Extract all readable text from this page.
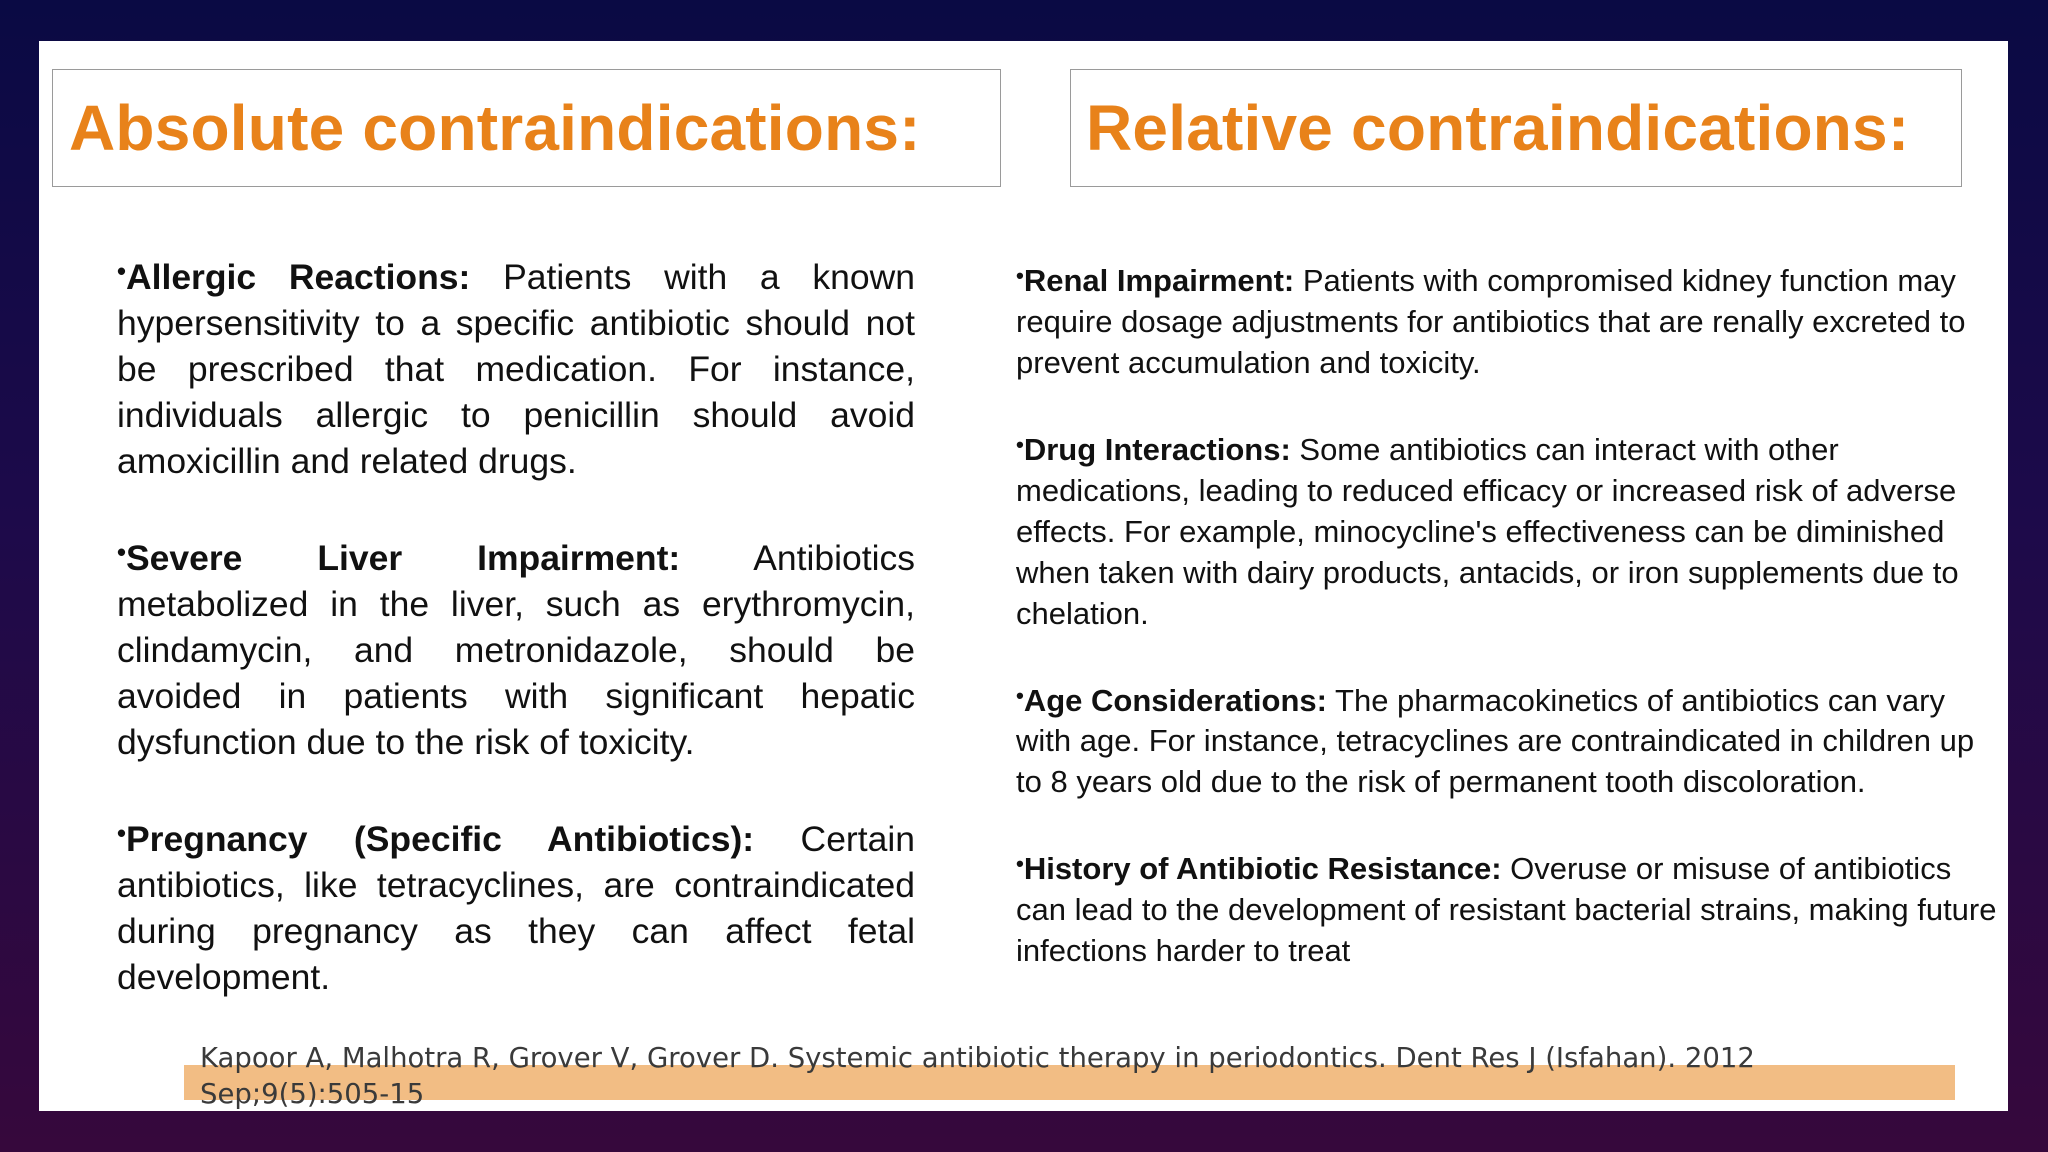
Absolute contraindications:	Relative contraindications:

•Allergic Reactions: Patients with a known hypersensitivity to a specific antibiotic should not be prescribed that medication. For instance, individuals allergic to penicillin should avoid amoxicillin and related drugs.

•Severe Liver Impairment: Antibiotics metabolized in the liver, such as erythromycin, clindamycin, and metronidazole, should be avoided in patients with significant hepatic dysfunction due to the risk of toxicity.

•Pregnancy (Specific Antibiotics): Certain antibiotics, like tetracyclines, are contraindicated during pregnancy as they can affect fetal development.

•Renal Impairment: Patients with compromised kidney function may require dosage adjustments for antibiotics that are renally excreted to prevent accumulation and toxicity.

•Drug Interactions: Some antibiotics can interact with other medications, leading to reduced efficacy or increased risk of adverse effects. For example, minocycline's effectiveness can be diminished when taken with dairy products, antacids, or iron supplements due to chelation.

•Age Considerations: The pharmacokinetics of antibiotics can vary with age. For instance, tetracyclines are contraindicated in children up to 8 years old due to the risk of permanent tooth discoloration.

•History of Antibiotic Resistance: Overuse or misuse of antibiotics can lead to the development of resistant bacterial strains, making future infections harder to treat

Kapoor A, Malhotra R, Grover V, Grover D. Systemic antibiotic therapy in periodontics. Dent Res J (Isfahan). 2012 Sep;9(5):505-15
